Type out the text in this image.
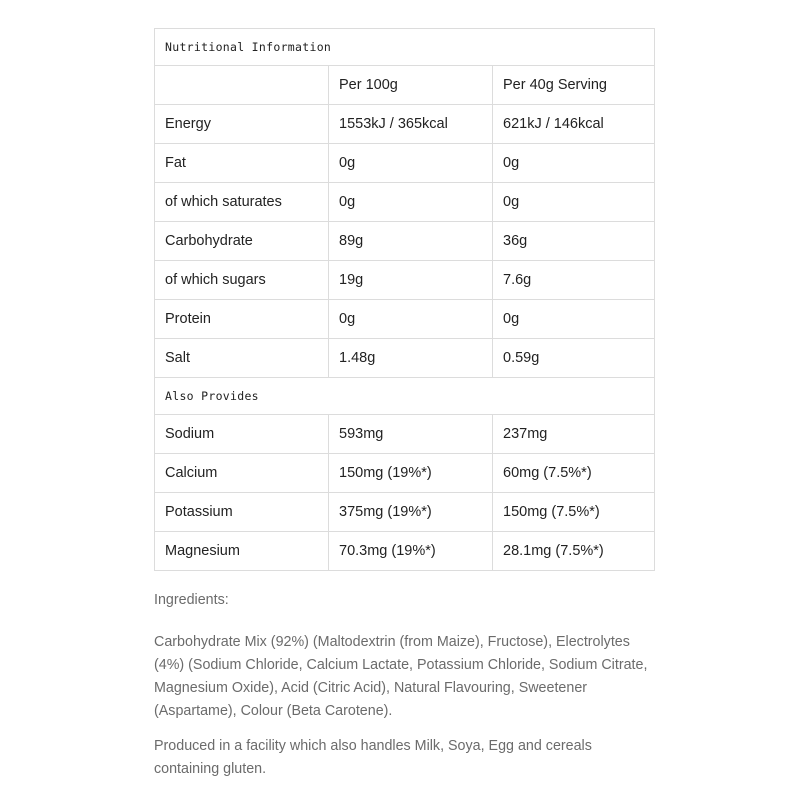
Nutritional Information		
	Per 100g	Per 40g Serving
Energy	1553kJ / 365kcal	621kJ / 146kcal
Fat	0g	0g
of which saturates	0g	0g
Carbohydrate	89g	36g
of which sugars	19g	7.6g
Protein	0g	0g
Salt	1.48g	0.59g
Also Provides		
Sodium	593mg	237mg
Calcium	150mg (19%*)	60mg (7.5%*)
Potassium	375mg (19%*)	150mg (7.5%*)
Magnesium	70.3mg (19%*)	28.1mg (7.5%*)

Ingredients:

Carbohydrate Mix (92%) (Maltodextrin (from Maize), Fructose), Electrolytes (4%) (Sodium Chloride, Calcium Lactate, Potassium Chloride, Sodium Citrate, Magnesium Oxide), Acid (Citric Acid), Natural Flavouring, Sweetener (Aspartame), Colour (Beta Carotene).

Produced in a facility which also handles Milk, Soya, Egg and cereals containing gluten.
